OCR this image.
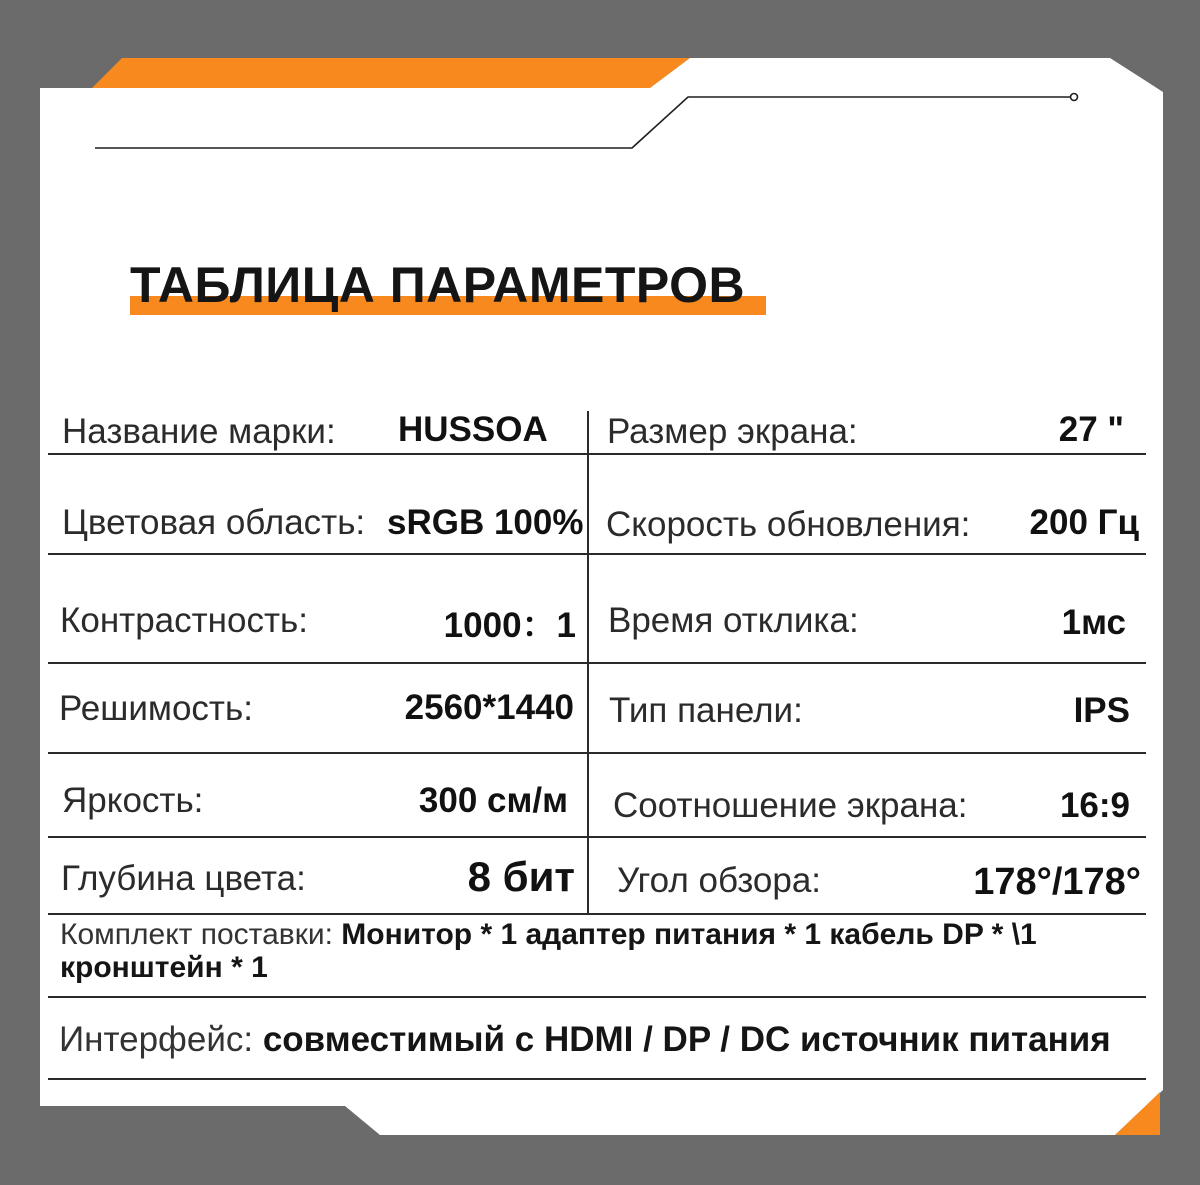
ТАБЛИЦА ПАРАМЕТРОВ
Название марки: HUSSOA Размер экрана:	27 "
Цветовая область: sRGB 100% Скорость обновления: 200 Гц
Контрастность:	1000：1 Время отклика:	1мс
Решимость:	2560*1440 Тип панели:	IPS
Яркость:	300 см/м Соотношение экрана:	16:9
Глубина цвета:	8 бит Угол обзора:	178°/178°
Комплект поставки: Монитор * 1 адаптер питания * 1 кабель DP * \1
кронштейн * 1
Интерфейс: совместимый с HDMI / DP / DC источник питания
